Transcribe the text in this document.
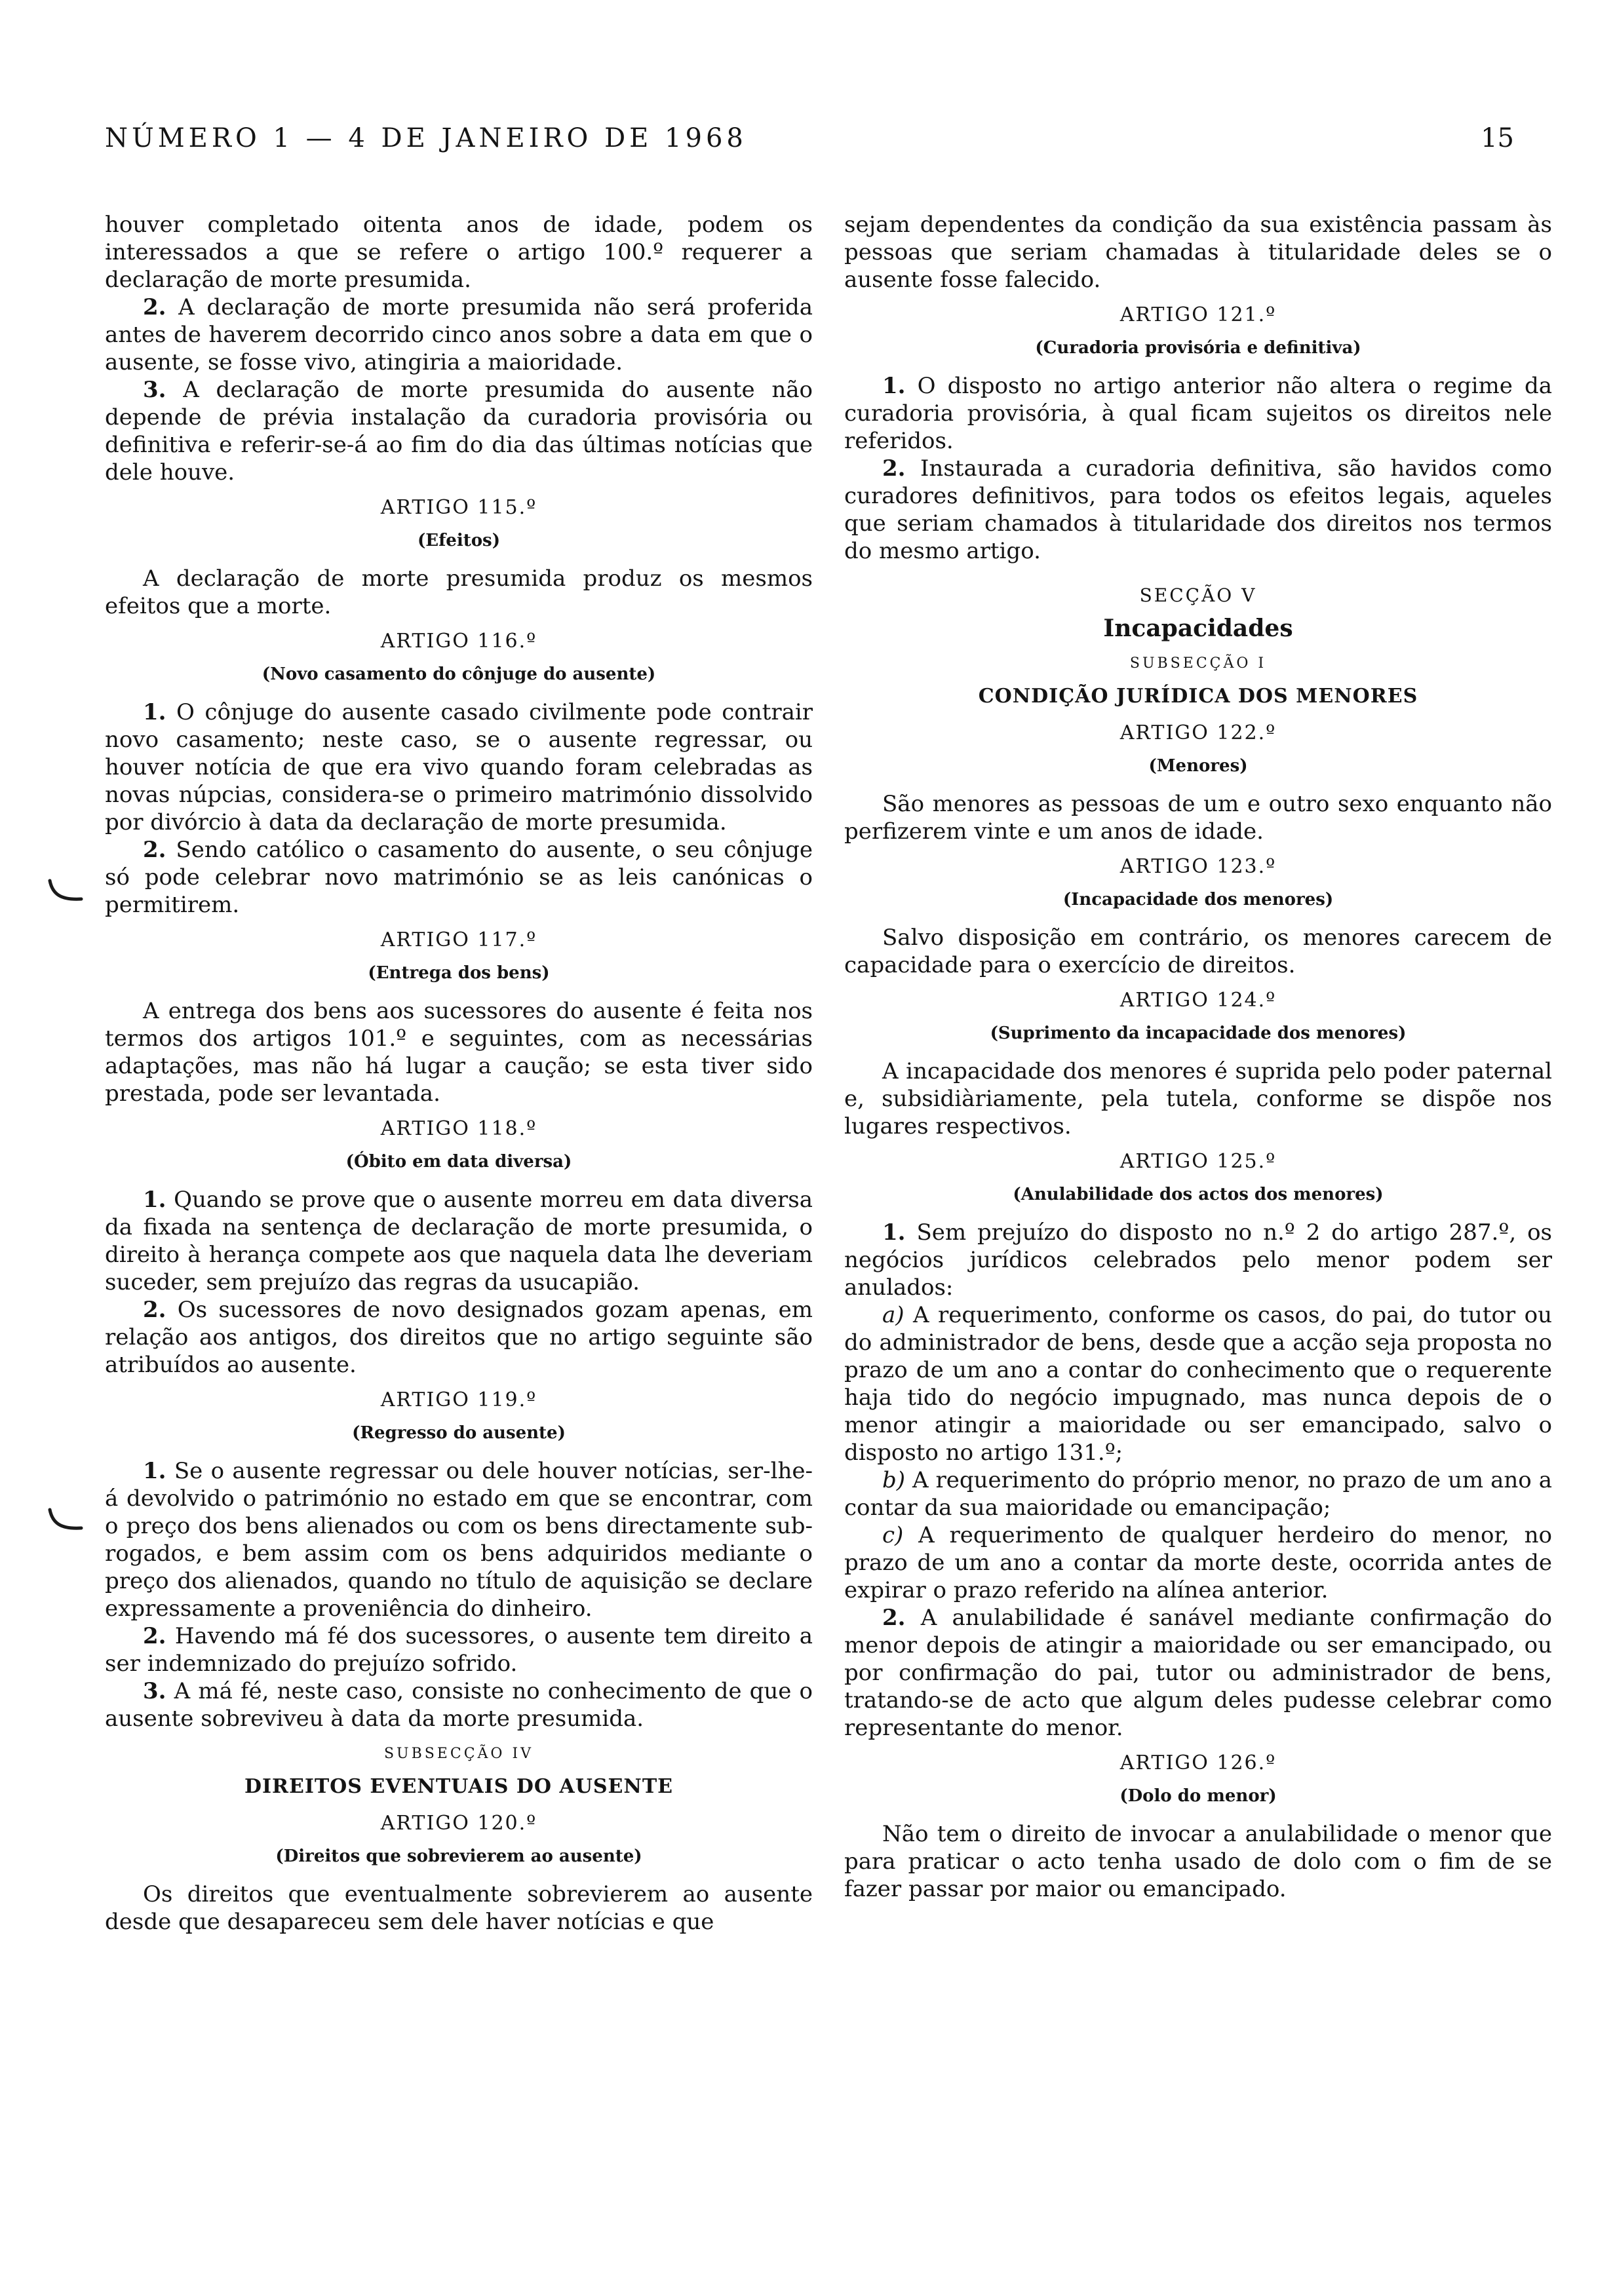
NÚMERO 1 — 4 DE JANEIRO DE 1968	15

houver completado oitenta anos de idade, podem os interessados a que se refere o artigo 100.º requerer a declaração de morte presumida.

2. A declaração de morte presumida não será proferida antes de haverem decorrido cinco anos sobre a data em que o ausente, se fosse vivo, atingiria a maioridade.

3. A declaração de morte presumida do ausente não depende de prévia instalação da curadoria provisória ou definitiva e referir-se-á ao fim do dia das últimas notícias que dele houve.

ARTIGO 115.º
(Efeitos)

A declaração de morte presumida produz os mesmos efeitos que a morte.

ARTIGO 116.º
(Novo casamento do cônjuge do ausente)

1. O cônjuge do ausente casado civilmente pode contrair novo casamento; neste caso, se o ausente regressar, ou houver notícia de que era vivo quando foram celebradas as novas núpcias, considera-se o primeiro matrimónio dissolvido por divórcio à data da declaração de morte presumida.

2. Sendo católico o casamento do ausente, o seu cônjuge só pode celebrar novo matrimónio se as leis canónicas o permitirem.

ARTIGO 117.º
(Entrega dos bens)

A entrega dos bens aos sucessores do ausente é feita nos termos dos artigos 101.º e seguintes, com as necessárias adaptações, mas não há lugar a caução; se esta tiver sido prestada, pode ser levantada.

ARTIGO 118.º
(Óbito em data diversa)

1. Quando se prove que o ausente morreu em data diversa da fixada na sentença de declaração de morte presumida, o direito à herança compete aos que naquela data lhe deveriam suceder, sem prejuízo das regras da usucapião.

2. Os sucessores de novo designados gozam apenas, em relação aos antigos, dos direitos que no artigo seguinte são atribuídos ao ausente.

ARTIGO 119.º
(Regresso do ausente)

1. Se o ausente regressar ou dele houver notícias, ser-lhe-á devolvido o património no estado em que se encontrar, com o preço dos bens alienados ou com os bens directamente sub-rogados, e bem assim com os bens adquiridos mediante o preço dos alienados, quando no título de aquisição se declare expressamente a proveniência do dinheiro.

2. Havendo má fé dos sucessores, o ausente tem direito a ser indemnizado do prejuízo sofrido.

3. A má fé, neste caso, consiste no conhecimento de que o ausente sobreviveu à data da morte presumida.

SUBSECÇÃO IV
DIREITOS EVENTUAIS DO AUSENTE
ARTIGO 120.º
(Direitos que sobrevierem ao ausente)

Os direitos que eventualmente sobrevierem ao ausente desde que desapareceu sem dele haver notícias e que

sejam dependentes da condição da sua existência passam às pessoas que seriam chamadas à titularidade deles se o ausente fosse falecido.

ARTIGO 121.º
(Curadoria provisória e definitiva)

1. O disposto no artigo anterior não altera o regime da curadoria provisória, à qual ficam sujeitos os direitos nele referidos.

2. Instaurada a curadoria definitiva, são havidos como curadores definitivos, para todos os efeitos legais, aqueles que seriam chamados à titularidade dos direitos nos termos do mesmo artigo.

SECÇÃO V
Incapacidades
SUBSECÇÃO I
CONDIÇÃO JURÍDICA DOS MENORES
ARTIGO 122.º
(Menores)

São menores as pessoas de um e outro sexo enquanto não perfizerem vinte e um anos de idade.

ARTIGO 123.º
(Incapacidade dos menores)

Salvo disposição em contrário, os menores carecem de capacidade para o exercício de direitos.

ARTIGO 124.º
(Suprimento da incapacidade dos menores)

A incapacidade dos menores é suprida pelo poder paternal e, subsidiàriamente, pela tutela, conforme se dispõe nos lugares respectivos.

ARTIGO 125.º
(Anulabilidade dos actos dos menores)

1. Sem prejuízo do disposto no n.º 2 do artigo 287.º, os negócios jurídicos celebrados pelo menor podem ser anulados:

a) A requerimento, conforme os casos, do pai, do tutor ou do administrador de bens, desde que a acção seja proposta no prazo de um ano a contar do conhecimento que o requerente haja tido do negócio impugnado, mas nunca depois de o menor atingir a maioridade ou ser emancipado, salvo o disposto no artigo 131.º;

b) A requerimento do próprio menor, no prazo de um ano a contar da sua maioridade ou emancipação;

c) A requerimento de qualquer herdeiro do menor, no prazo de um ano a contar da morte deste, ocorrida antes de expirar o prazo referido na alínea anterior.

2. A anulabilidade é sanável mediante confirmação do menor depois de atingir a maioridade ou ser emancipado, ou por confirmação do pai, tutor ou administrador de bens, tratando-se de acto que algum deles pudesse celebrar como representante do menor.

ARTIGO 126.º
(Dolo do menor)

Não tem o direito de invocar a anulabilidade o menor que para praticar o acto tenha usado de dolo com o fim de se fazer passar por maior ou emancipado.
